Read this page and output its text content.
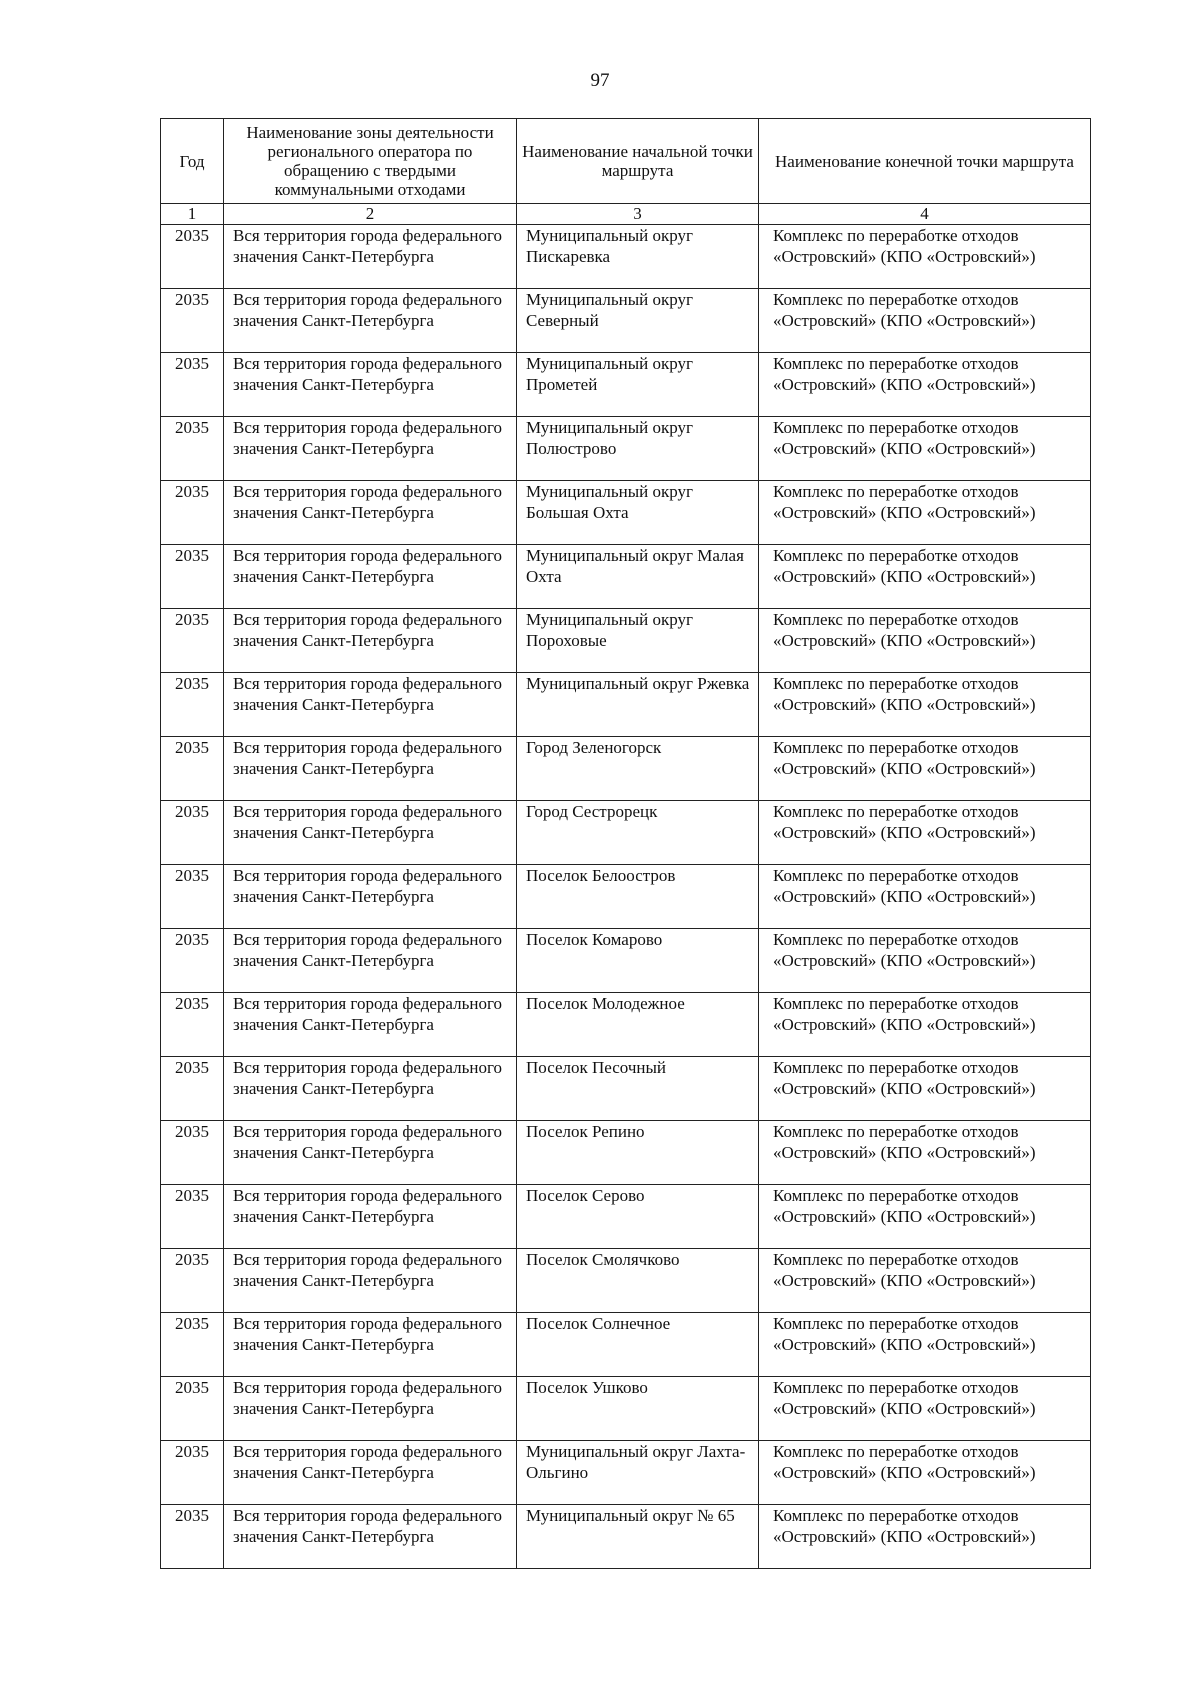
97
Год	Наименование зоны деятельности регионального оператора по обращению с твердыми коммунальными отходами	Наименование начальной точки маршрута	Наименование конечной точки маршрута
1	2	3	4
2035	Вся территория города федерального значения Санкт-Петербурга	Муниципальный округ Пискаревка	Комплекс по переработке отходов «Островский» (КПО «Островский»)
2035	Вся территория города федерального значения Санкт-Петербурга	Муниципальный округ Северный	Комплекс по переработке отходов «Островский» (КПО «Островский»)
2035	Вся территория города федерального значения Санкт-Петербурга	Муниципальный округ Прометей	Комплекс по переработке отходов «Островский» (КПО «Островский»)
2035	Вся территория города федерального значения Санкт-Петербурга	Муниципальный округ Полюстрово	Комплекс по переработке отходов «Островский» (КПО «Островский»)
2035	Вся территория города федерального значения Санкт-Петербурга	Муниципальный округ Большая Охта	Комплекс по переработке отходов «Островский» (КПО «Островский»)
2035	Вся территория города федерального значения Санкт-Петербурга	Муниципальный округ Малая Охта	Комплекс по переработке отходов «Островский» (КПО «Островский»)
2035	Вся территория города федерального значения Санкт-Петербурга	Муниципальный округ Пороховые	Комплекс по переработке отходов «Островский» (КПО «Островский»)
2035	Вся территория города федерального значения Санкт-Петербурга	Муниципальный округ Ржевка	Комплекс по переработке отходов «Островский» (КПО «Островский»)
2035	Вся территория города федерального значения Санкт-Петербурга	Город Зеленогорск	Комплекс по переработке отходов «Островский» (КПО «Островский»)
2035	Вся территория города федерального значения Санкт-Петербурга	Город Сестрорецк	Комплекс по переработке отходов «Островский» (КПО «Островский»)
2035	Вся территория города федерального значения Санкт-Петербурга	Поселок Белоостров	Комплекс по переработке отходов «Островский» (КПО «Островский»)
2035	Вся территория города федерального значения Санкт-Петербурга	Поселок Комарово	Комплекс по переработке отходов «Островский» (КПО «Островский»)
2035	Вся территория города федерального значения Санкт-Петербурга	Поселок Молодежное	Комплекс по переработке отходов «Островский» (КПО «Островский»)
2035	Вся территория города федерального значения Санкт-Петербурга	Поселок Песочный	Комплекс по переработке отходов «Островский» (КПО «Островский»)
2035	Вся территория города федерального значения Санкт-Петербурга	Поселок Репино	Комплекс по переработке отходов «Островский» (КПО «Островский»)
2035	Вся территория города федерального значения Санкт-Петербурга	Поселок Серово	Комплекс по переработке отходов «Островский» (КПО «Островский»)
2035	Вся территория города федерального значения Санкт-Петербурга	Поселок Смолячково	Комплекс по переработке отходов «Островский» (КПО «Островский»)
2035	Вся территория города федерального значения Санкт-Петербурга	Поселок Солнечное	Комплекс по переработке отходов «Островский» (КПО «Островский»)
2035	Вся территория города федерального значения Санкт-Петербурга	Поселок Ушково	Комплекс по переработке отходов «Островский» (КПО «Островский»)
2035	Вся территория города федерального значения Санкт-Петербурга	Муниципальный округ Лахта-Ольгино	Комплекс по переработке отходов «Островский» (КПО «Островский»)
2035	Вся территория города федерального значения Санкт-Петербурга	Муниципальный округ № 65	Комплекс по переработке отходов «Островский» (КПО «Островский»)
